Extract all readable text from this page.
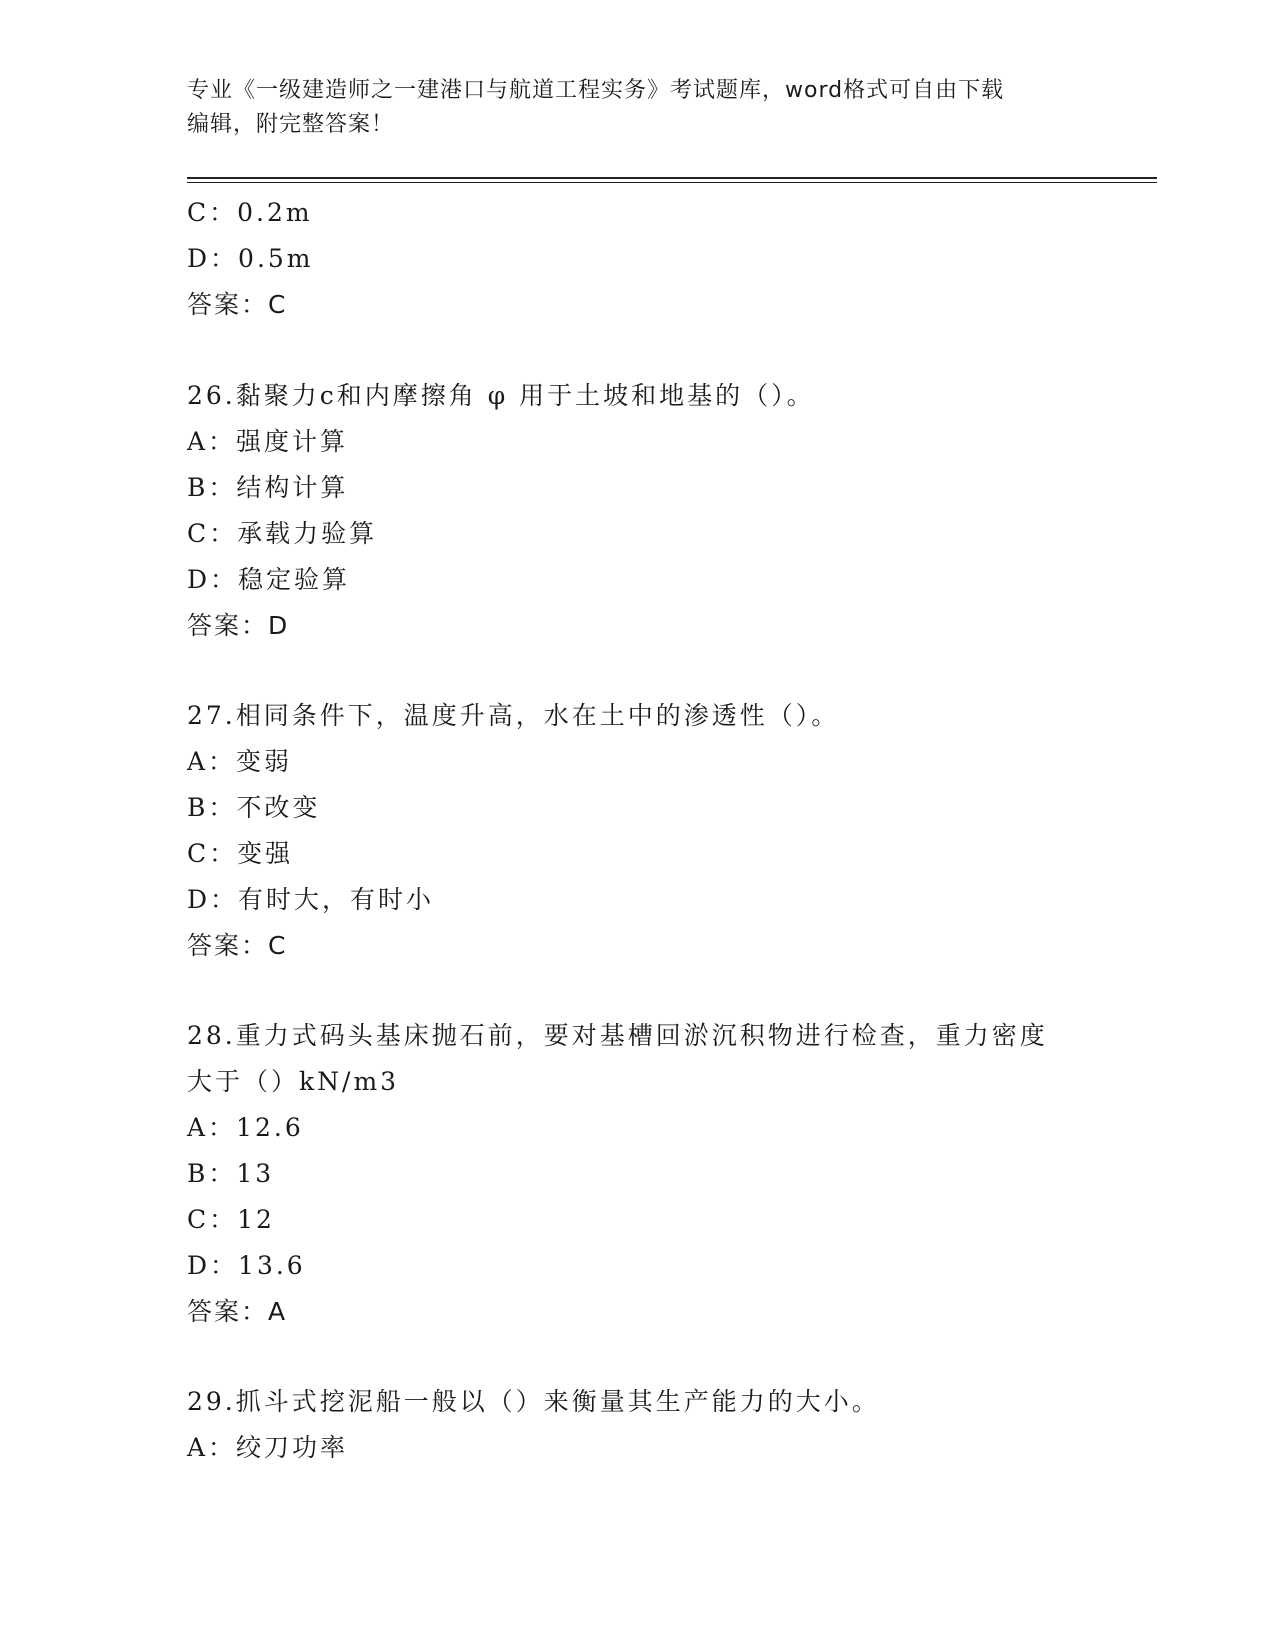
专业《一级建造师之一建港口与航道工程实务》考试题库，word格式可自由下载
编辑，附完整答案！
C：0.2m
D：0.5m
答案：C
26.黏聚力c和内摩擦角 φ 用于土坡和地基的（）。
A：强度计算
B：结构计算
C：承载力验算
D：稳定验算
答案：D
27.相同条件下，温度升高，水在土中的渗透性（）。
A：变弱
B：不改变
C：变强
D：有时大，有时小
答案：C
28.重力式码头基床抛石前，要对基槽回淤沉积物进行检查，重力密度
大于（）kN/m3
A：12.6
B：13
C：12
D：13.6
答案：A
29.抓斗式挖泥船一般以（）来衡量其生产能力的大小。
A：绞刀功率
